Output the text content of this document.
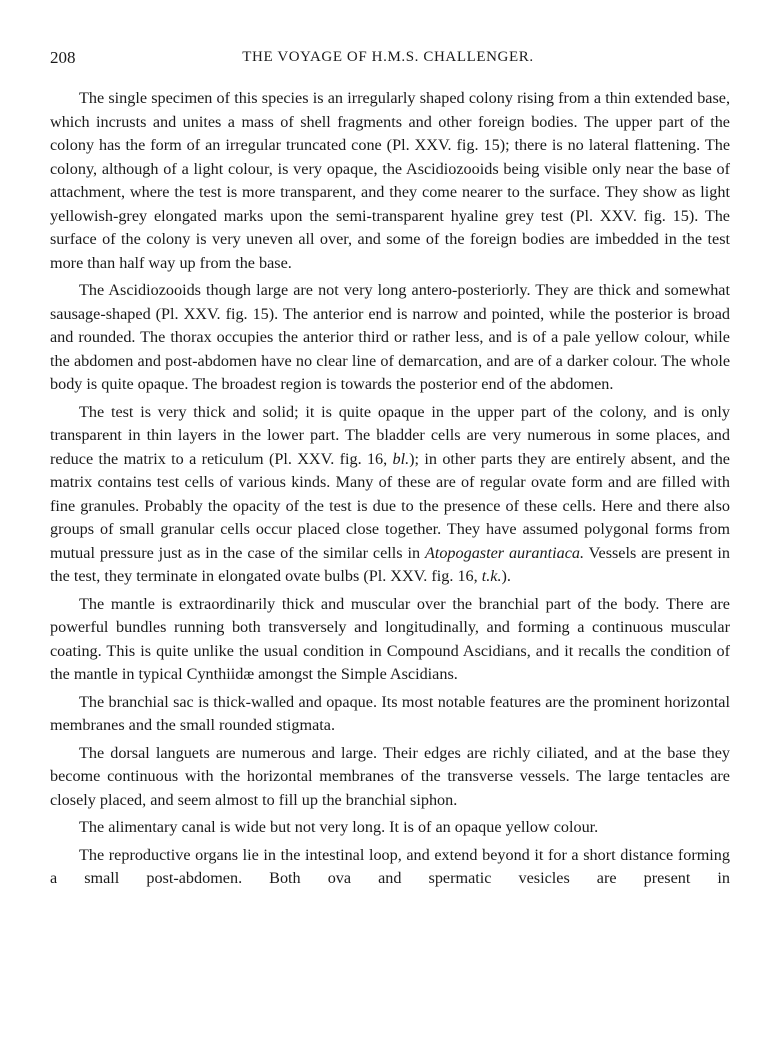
208	THE VOYAGE OF H.M.S. CHALLENGER.

The single specimen of this species is an irregularly shaped colony rising from a thin extended base, which incrusts and unites a mass of shell fragments and other foreign bodies. The upper part of the colony has the form of an irregular truncated cone (Pl. XXV. fig. 15); there is no lateral flattening. The colony, although of a light colour, is very opaque, the Ascidiozooids being visible only near the base of attachment, where the test is more transparent, and they come nearer to the surface. They show as light yellowish-grey elongated marks upon the semi-transparent hyaline grey test (Pl. XXV. fig. 15). The surface of the colony is very uneven all over, and some of the foreign bodies are imbedded in the test more than half way up from the base.

The Ascidiozooids though large are not very long antero-posteriorly. They are thick and somewhat sausage-shaped (Pl. XXV. fig. 15). The anterior end is narrow and pointed, while the posterior is broad and rounded. The thorax occupies the anterior third or rather less, and is of a pale yellow colour, while the abdomen and post-abdomen have no clear line of demarcation, and are of a darker colour. The whole body is quite opaque. The broadest region is towards the posterior end of the abdomen.

The test is very thick and solid; it is quite opaque in the upper part of the colony, and is only transparent in thin layers in the lower part. The bladder cells are very numerous in some places, and reduce the matrix to a reticulum (Pl. XXV. fig. 16, bl.); in other parts they are entirely absent, and the matrix contains test cells of various kinds. Many of these are of regular ovate form and are filled with fine granules. Probably the opacity of the test is due to the presence of these cells. Here and there also groups of small granular cells occur placed close together. They have assumed polygonal forms from mutual pressure just as in the case of the similar cells in Atopogaster aurantiaca. Vessels are present in the test, they terminate in elongated ovate bulbs (Pl. XXV. fig. 16, t.k.).

The mantle is extraordinarily thick and muscular over the branchial part of the body. There are powerful bundles running both transversely and longitudinally, and forming a continuous muscular coating. This is quite unlike the usual condition in Compound Ascidians, and it recalls the condition of the mantle in typical Cynthiidæ amongst the Simple Ascidians.

The branchial sac is thick-walled and opaque. Its most notable features are the prominent horizontal membranes and the small rounded stigmata.

The dorsal languets are numerous and large. Their edges are richly ciliated, and at the base they become continuous with the horizontal membranes of the transverse vessels. The large tentacles are closely placed, and seem almost to fill up the branchial siphon.

The alimentary canal is wide but not very long. It is of an opaque yellow colour.

The reproductive organs lie in the intestinal loop, and extend beyond it for a short distance forming a small post-abdomen. Both ova and spermatic vesicles are present in
